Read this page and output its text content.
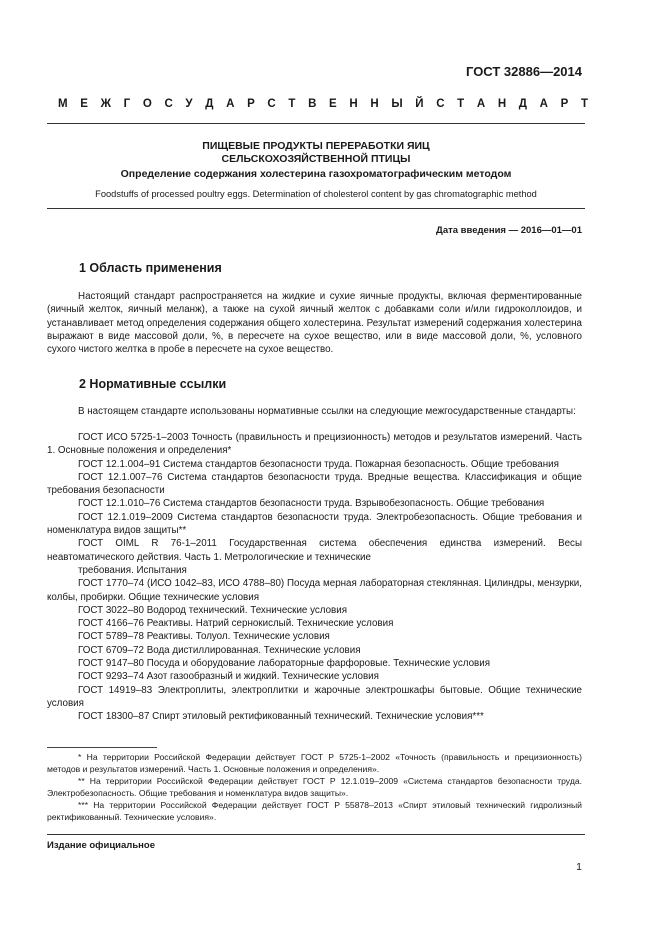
ГОСТ 32886—2014
М Е Ж Г О С У Д А Р С Т В Е Н Н Ы Й С Т А Н Д А Р Т
ПИЩЕВЫЕ ПРОДУКТЫ ПЕРЕРАБОТКИ ЯИЦ
СЕЛЬСКОХОЗЯЙСТВЕННОЙ ПТИЦЫ
Определение содержания холестерина газохроматографическим методом
Foodstuffs of processed poultry eggs. Determination of cholesterol content by gas chromatographic method
Дата введения — 2016—01—01
1 Область применения

Настоящий стандарт распространяется на жидкие и сухие яичные продукты, включая ферментированные (яичный желток, яичный меланж), а также на сухой яичный желток с добавками соли и/или гидроколлоидов, и устанавливает метод определения содержания общего холестерина. Результат измерений содержания холестерина выражают в виде массовой доли, %, в пересчете на сухое вещество, или в виде массовой доли, %, условного сухого чистого желтка в пробе в пересчете на сухое вещество.

2 Нормативные ссылки

В настоящем стандарте использованы нормативные ссылки на следующие межгосударственные стандарты:

ГОСТ ИСО 5725-1–2003 Точность (правильность и прецизионность) методов и результатов измерений. Часть 1. Основные положения и определения*
ГОСТ 12.1.004–91 Система стандартов безопасности труда. Пожарная безопасность. Общие требования
ГОСТ 12.1.007–76 Система стандартов безопасности труда. Вредные вещества. Классификация и общие требования безопасности
ГОСТ 12.1.010–76 Система стандартов безопасности труда. Взрывобезопасность. Общие требования
ГОСТ 12.1.019–2009 Система стандартов безопасности труда. Электробезопасность. Общие требования и номенклатура видов защиты**
ГОСТ OIML R 76-1–2011 Государственная система обеспечения единства измерений. Весы неавтоматического действия. Часть 1. Метрологические и технические
требования. Испытания
ГОСТ 1770–74 (ИСО 1042–83, ИСО 4788–80) Посуда мерная лабораторная стеклянная. Цилиндры, мензурки, колбы, пробирки. Общие технические условия
ГОСТ 3022–80 Водород технический. Технические условия
ГОСТ 4166–76 Реактивы. Натрий сернокислый. Технические условия
ГОСТ 5789–78 Реактивы. Толуол. Технические условия
ГОСТ 6709–72 Вода дистиллированная. Технические условия
ГОСТ 9147–80 Посуда и оборудование лабораторные фарфоровые. Технические условия
ГОСТ 9293–74 Азот газообразный и жидкий. Технические условия
ГОСТ 14919–83 Электроплиты, электроплитки и жарочные электрошкафы бытовые. Общие технические условия
ГОСТ 18300–87 Спирт этиловый ректификованный технический. Технические условия***
* На территории Российской Федерации действует ГОСТ Р 5725-1–2002 «Точность (правильность и прецизионность) методов и результатов измерений. Часть 1. Основные положения и определения».
** На территории Российской Федерации действует ГОСТ Р 12.1.019–2009 «Система стандартов безопасности труда. Электробезопасность. Общие требования и номенклатура видов защиты».
*** На территории Российской Федерации действует ГОСТ Р 55878–2013 «Спирт этиловый технический гидролизный ректификованный. Технические условия».
Издание официальное
1
